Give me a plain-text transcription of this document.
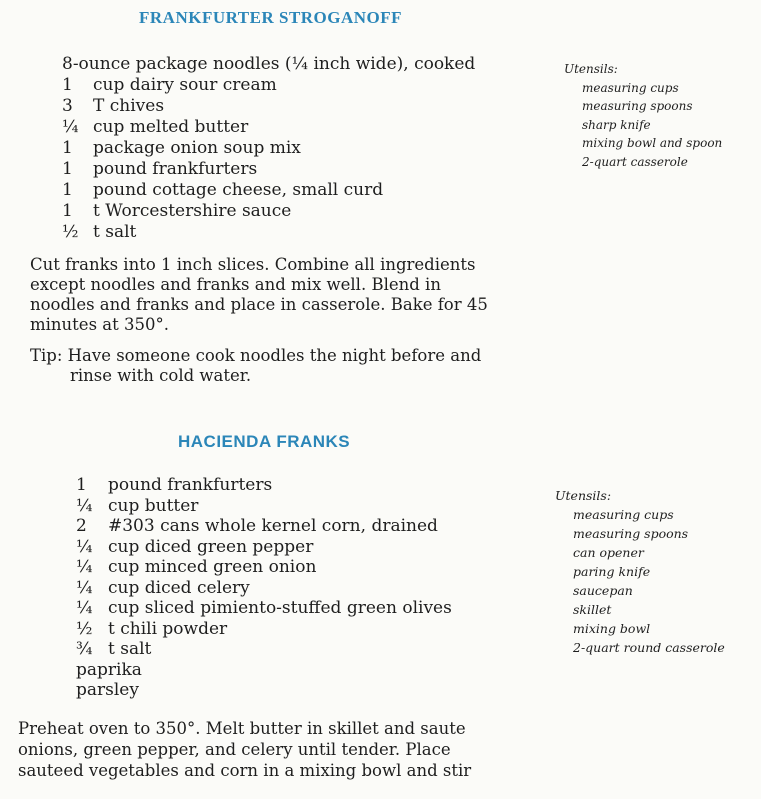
FRANKFURTER STROGANOFF
8-ounce package noodles (¼ inch wide), cooked
1	cup dairy sour cream
3	T chives
¼ cup melted butter
1	package onion soup mix
1	pound frankfurters
1	pound cottage cheese, small curd
1	t Worcestershire sauce
½ t salt
Utensils:
measuring cups
measuring spoons
sharp knife
mixing bowl and spoon
2-quart casserole
Cut franks into 1 inch slices. Combine all ingredients
except noodles and franks and mix well. Blend in
noodles and franks and place in casserole. Bake for 45
minutes at 350°.
Tip: Have someone cook noodles the night before and
rinse with cold water.
HACIENDA FRANKS
1	pound frankfurters
¼ cup butter
2	#303 cans whole kernel corn, drained
¼ cup diced green pepper
¼ cup minced green onion
¼ cup diced celery
¼ cup sliced pimiento-stuffed green olives
½ t chili powder
¾ t salt
paprika
parsley
Utensils:
measuring cups
measuring spoons
can opener
paring knife
saucepan
skillet
mixing bowl
2-quart round casserole
Preheat oven to 350°. Melt butter in skillet and saute
onions, green pepper, and celery until tender. Place
sauteed vegetables and corn in a mixing bowl and stir
